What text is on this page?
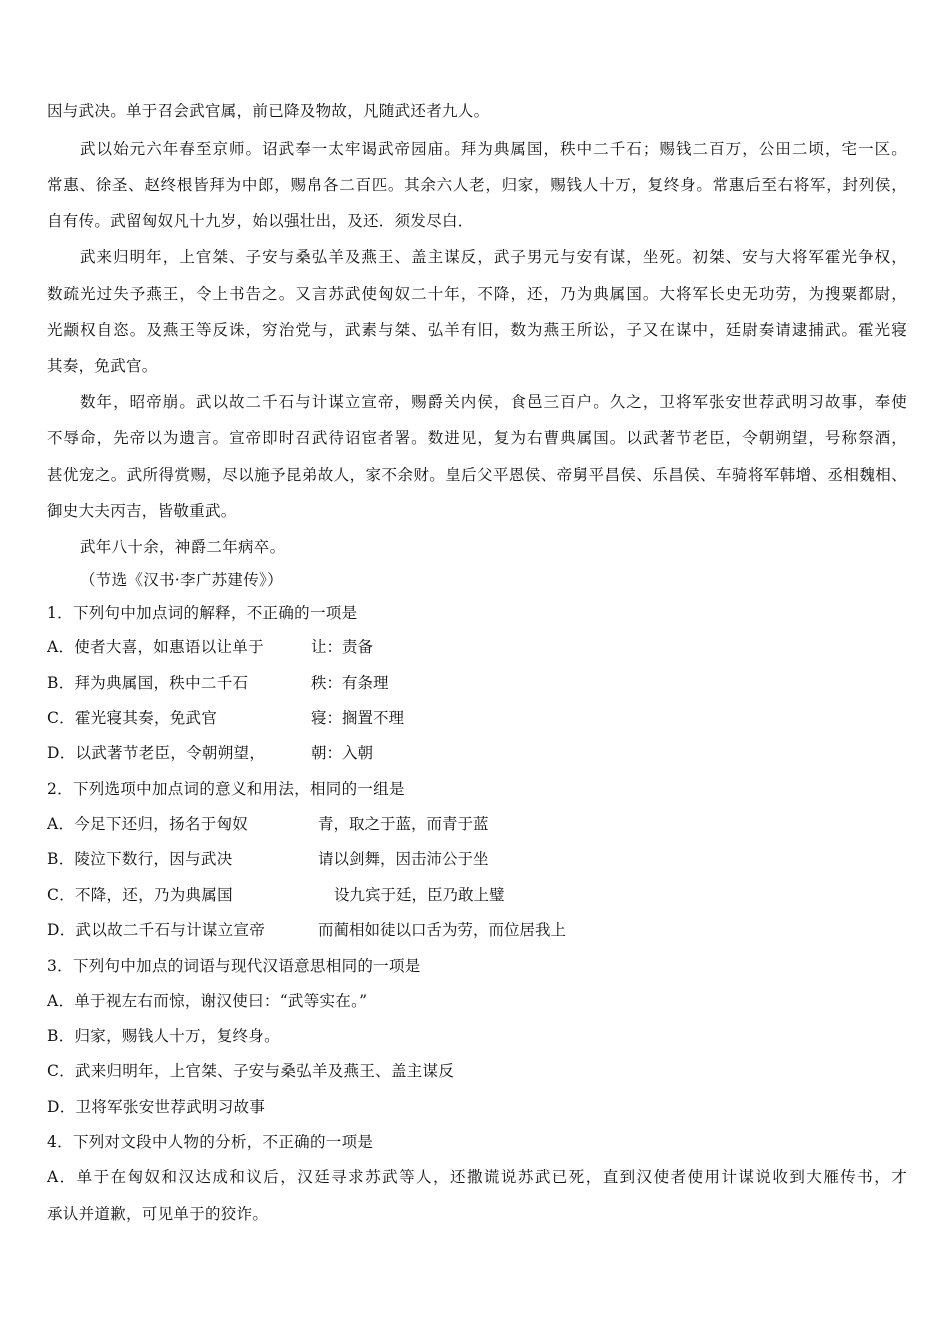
因与武决。单于召会武官属，前已降及物故，凡随武还者九人。
武以始元六年春至京师。诏武奉一太牢谒武帝园庙。拜为典属国，秩中二千石；赐钱二百万，公田二顷，宅一区。
常惠、徐圣、赵终根皆拜为中郎，赐帛各二百匹。其余六人老，归家，赐钱人十万，复终身。常惠后至右将军，封列侯，
自有传。武留匈奴凡十九岁，始以强壮出，及还．须发尽白．
武来归明年，上官桀、子安与桑弘羊及燕王、盖主谋反，武子男元与安有谋，坐死。初桀、安与大将军霍光争权，
数疏光过失予燕王，令上书告之。又言苏武使匈奴二十年，不降，还，乃为典属国。大将军长史无功劳，为搜粟都尉，
光颛权自恣。及燕王等反诛，穷治党与，武素与桀、弘羊有旧，数为燕王所讼，子又在谋中，廷尉奏请逮捕武。霍光寝
其奏，免武官。
数年，昭帝崩。武以故二千石与计谋立宣帝，赐爵关内侯，食邑三百户。久之，卫将军张安世荐武明习故事，奉使
不辱命，先帝以为遗言。宣帝即时召武待诏宦者署。数进见，复为右曹典属国。以武著节老臣，令朝朔望，号称祭酒，
甚优宠之。武所得赏赐，尽以施予昆弟故人，家不余财。皇后父平恩侯、帝舅平昌侯、乐昌侯、车骑将军韩增、丞相魏相、
御史大夫丙吉，皆敬重武。
武年八十余，神爵二年病卒。
（节选《汉书·李广苏建传》）
1．下列句中加点词的解释，不正确的一项是
A．使者大喜，如惠语以让单于	让：责备
B．拜为典属国，秩中二千石	秩：有条理
C．霍光寝其奏，免武官	寝：搁置不理
D．以武著节老臣，令朝朔望，	朝：入朝
2．下列选项中加点词的意义和用法，相同的一组是
A．今足下还归，扬名于匈奴	青，取之于蓝，而青于蓝
B．陵泣下数行，因与武决	请以剑舞，因击沛公于坐
C．不降，还，乃为典属国	设九宾于廷，臣乃敢上璧
D．武以故二千石与计谋立宣帝	而蔺相如徒以口舌为劳，而位居我上
3．下列句中加点的词语与现代汉语意思相同的一项是
A．单于视左右而惊，谢汉使曰：“武等实在。”
B．归家，赐钱人十万，复终身。
C．武来归明年，上官桀、子安与桑弘羊及燕王、盖主谋反
D．卫将军张安世荐武明习故事
4．下列对文段中人物的分析，不正确的一项是
A．单于在匈奴和汉达成和议后，汉廷寻求苏武等人，还撒谎说苏武已死，直到汉使者使用计谋说收到大雁传书，才
承认并道歉，可见单于的狡诈。
